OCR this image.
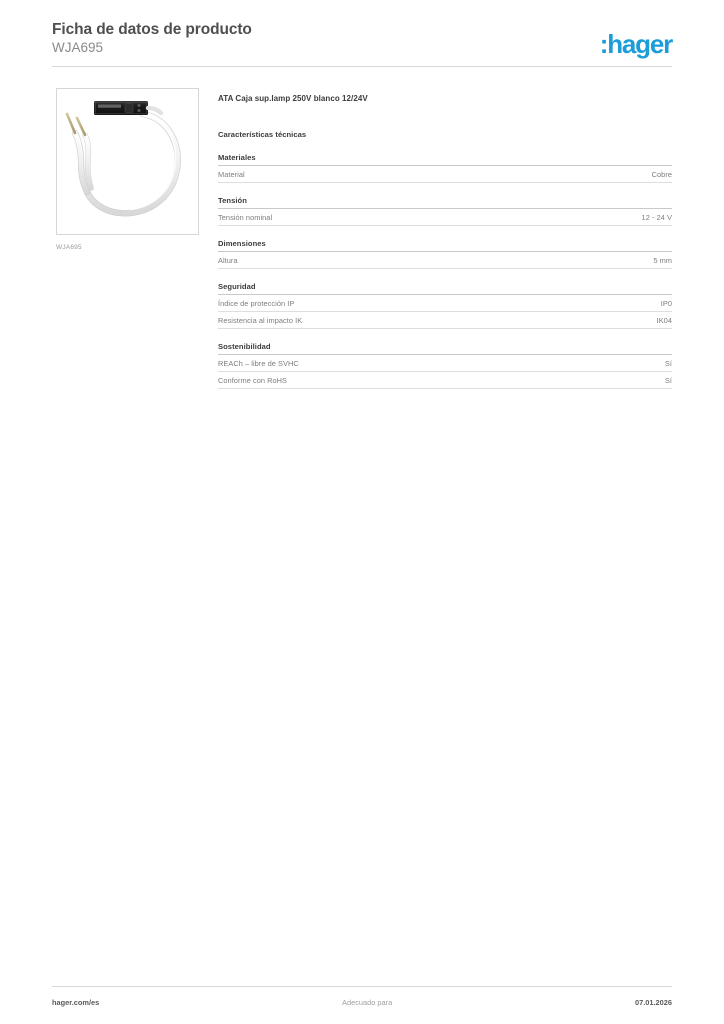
Ficha de datos de producto
WJA695	:hager
WJA695
ATA Caja sup.lamp 250V blanco 12/24V
Características técnicas
Materiales
Material	Cobre
Tensión
Tensión nominal	12 - 24 V
Dimensiones
Altura	5 mm
Seguridad
Índice de protección IP	IP0
Resistencia al impacto IK	IK04
Sostenibilidad
REACh – libre de SVHC	Sí
Conforme con RoHS	Sí
hager.com/es	Adecuado para	07.01.2026
